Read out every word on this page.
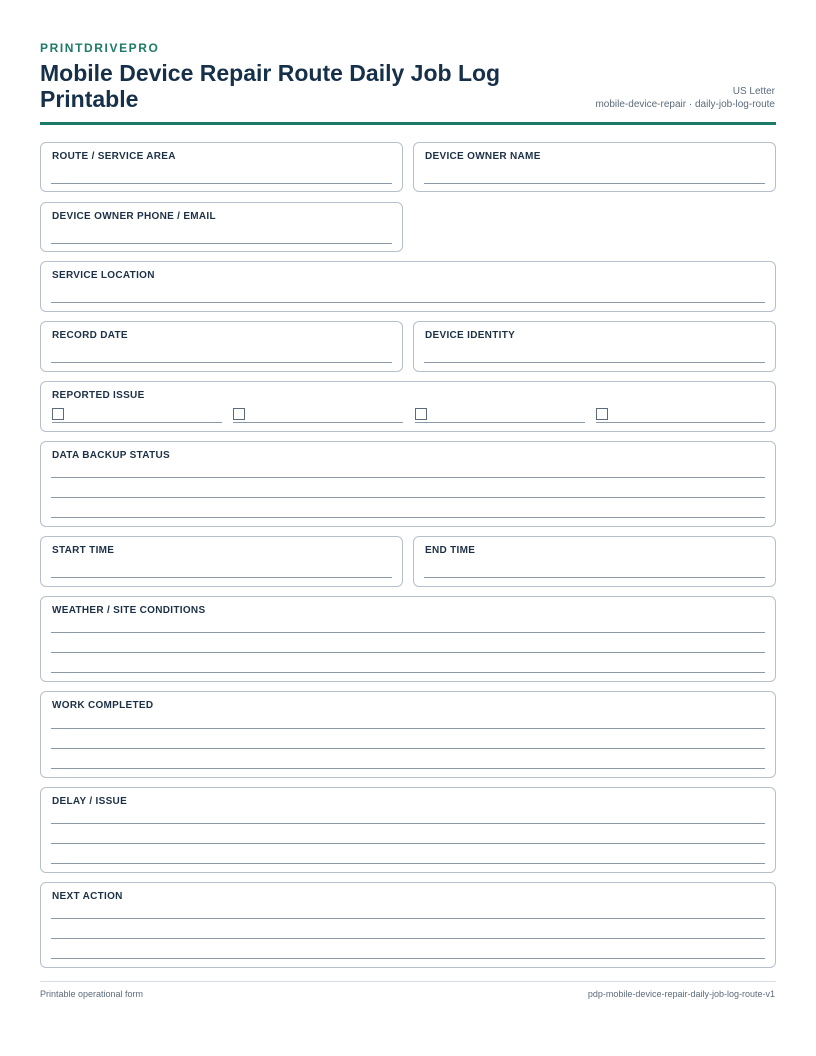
PRINTDRIVEPRO
Mobile Device Repair Route Daily Job Log Printable	US Letter
mobile-device-repair · daily-job-log-route
ROUTE / SERVICE AREA	DEVICE OWNER NAME
DEVICE OWNER PHONE / EMAIL
SERVICE LOCATION
RECORD DATE	DEVICE IDENTITY
REPORTED ISSUE
DATA BACKUP STATUS
START TIME	END TIME
WEATHER / SITE CONDITIONS
WORK COMPLETED
DELAY / ISSUE
NEXT ACTION
Printable operational form	pdp-mobile-device-repair-daily-job-log-route-v1
